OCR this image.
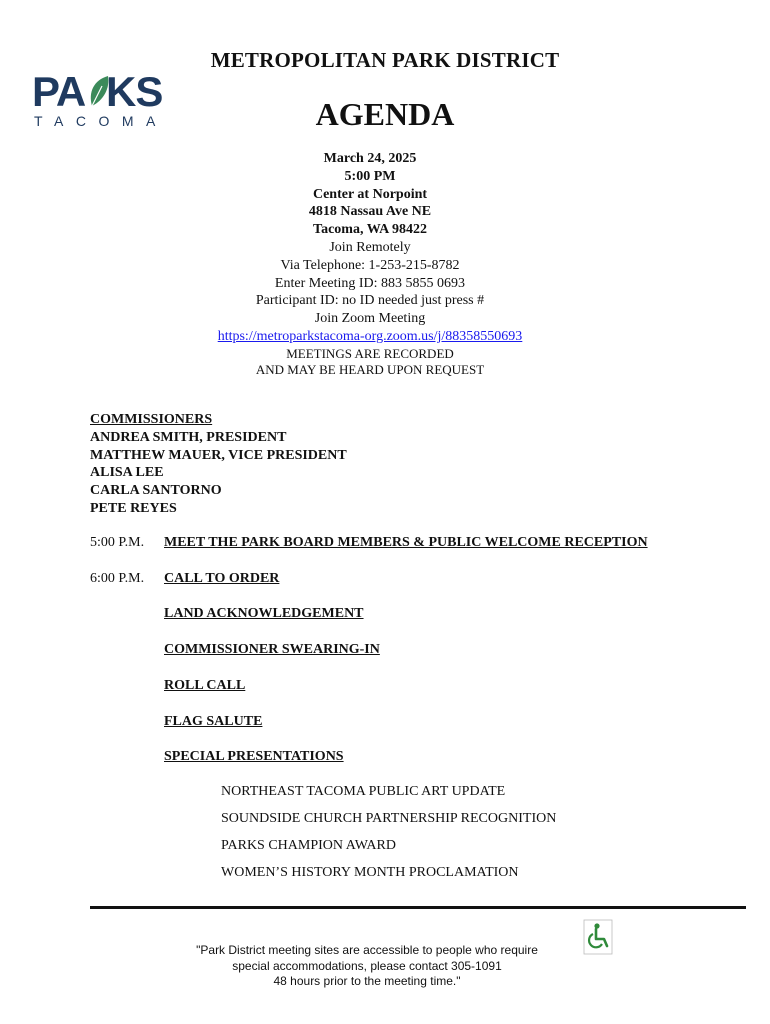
PA KS
TACOMA
METROPOLITAN PARK DISTRICT
AGENDA
March 24, 2025
5:00 PM
Center at Norpoint
4818 Nassau Ave NE
Tacoma, WA 98422
Join Remotely
Via Telephone: 1-253-215-8782
Enter Meeting ID: 883 5855 0693
Participant ID: no ID needed just press #
Join Zoom Meeting
https://metroparkstacoma-org.zoom.us/j/88358550693
MEETINGS ARE RECORDED
AND MAY BE HEARD UPON REQUEST
COMMISSIONERS
ANDREA SMITH, PRESIDENT
MATTHEW MAUER, VICE PRESIDENT
ALISA LEE
CARLA SANTORNO
PETE REYES
5:00 P.M. MEET THE PARK BOARD MEMBERS & PUBLIC WELCOME RECEPTION
6:00 P.M. CALL TO ORDER
LAND ACKNOWLEDGEMENT
COMMISSIONER SWEARING-IN
ROLL CALL
FLAG SALUTE
SPECIAL PRESENTATIONS
NORTHEAST TACOMA PUBLIC ART UPDATE
SOUNDSIDE CHURCH PARTNERSHIP RECOGNITION
PARKS CHAMPION AWARD
WOMEN’S HISTORY MONTH PROCLAMATION
"Park District meeting sites are accessible to people who require
special accommodations, please contact 305-1091
48 hours prior to the meeting time."
